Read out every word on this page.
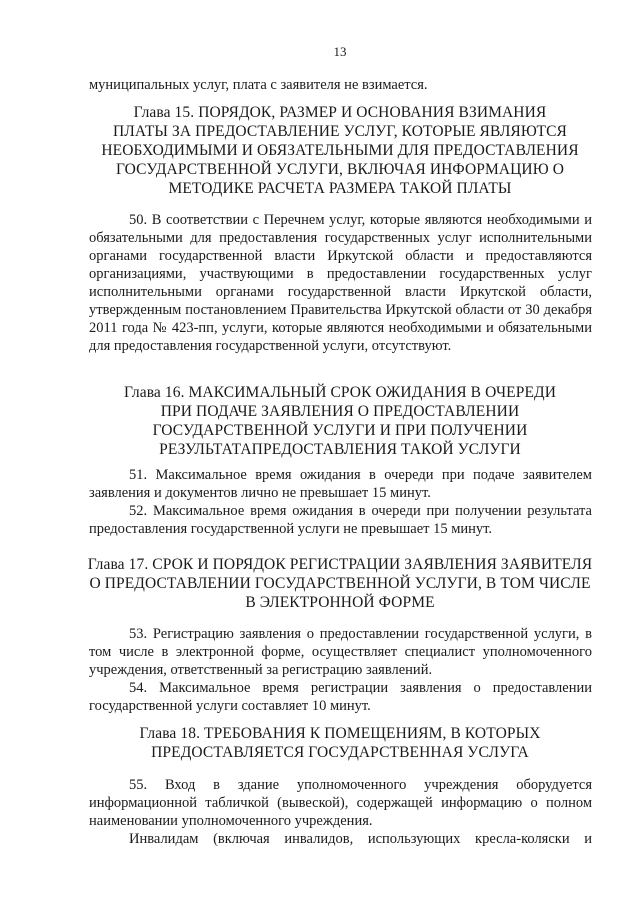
13

муниципальных услуг, плата с заявителя не взимается.

Глава 15. ПОРЯДОК, РАЗМЕР И ОСНОВАНИЯ ВЗИМАНИЯ
ПЛАТЫ ЗА ПРЕДОСТАВЛЕНИЕ УСЛУГ, КОТОРЫЕ ЯВЛЯЮТСЯ
НЕОБХОДИМЫМИ И ОБЯЗАТЕЛЬНЫМИ ДЛЯ ПРЕДОСТАВЛЕНИЯ
ГОСУДАРСТВЕННОЙ УСЛУГИ, ВКЛЮЧАЯ ИНФОРМАЦИЮ О
МЕТОДИКЕ РАСЧЕТА РАЗМЕРА ТАКОЙ ПЛАТЫ

50. В соответствии с Перечнем услуг, которые являются необходимыми и обязательными для предоставления государственных услуг исполнительными органами государственной власти Иркутской области и предоставляются организациями, участвующими в предоставлении государственных услуг исполнительными органами государственной власти Иркутской области, утвержденным постановлением Правительства Иркутской области от 30 декабря 2011 года № 423-пп, услуги, которые являются необходимыми и обязательными для предоставления государственной услуги, отсутствуют.

Глава 16. МАКСИМАЛЬНЫЙ СРОК ОЖИДАНИЯ В ОЧЕРЕДИ
ПРИ ПОДАЧЕ ЗАЯВЛЕНИЯ О ПРЕДОСТАВЛЕНИИ
ГОСУДАРСТВЕННОЙ УСЛУГИ И ПРИ ПОЛУЧЕНИИ
РЕЗУЛЬТАТАПРЕДОСТАВЛЕНИЯ ТАКОЙ УСЛУГИ

51. Максимальное время ожидания в очереди при подаче заявителем заявления и документов лично не превышает 15 минут.

52. Максимальное время ожидания в очереди при получении результата предоставления государственной услуги не превышает 15 минут.

Глава 17. СРОК И ПОРЯДОК РЕГИСТРАЦИИ ЗАЯВЛЕНИЯ ЗАЯВИТЕЛЯ
О ПРЕДОСТАВЛЕНИИ ГОСУДАРСТВЕННОЙ УСЛУГИ, В ТОМ ЧИСЛЕ
В ЭЛЕКТРОННОЙ ФОРМЕ

53. Регистрацию заявления о предоставлении государственной услуги, в том числе в электронной форме, осуществляет специалист уполномоченного учреждения, ответственный за регистрацию заявлений.

54. Максимальное время регистрации заявления о предоставлении государственной услуги составляет 10 минут.

Глава 18. ТРЕБОВАНИЯ К ПОМЕЩЕНИЯМ, В КОТОРЫХ
ПРЕДОСТАВЛЯЕТСЯ ГОСУДАРСТВЕННАЯ УСЛУГА

55. Вход в здание уполномоченного учреждения оборудуется информационной табличкой (вывеской), содержащей информацию о полном наименовании уполномоченного учреждения.

Инвалидам (включая инвалидов, использующих кресла-коляски и
